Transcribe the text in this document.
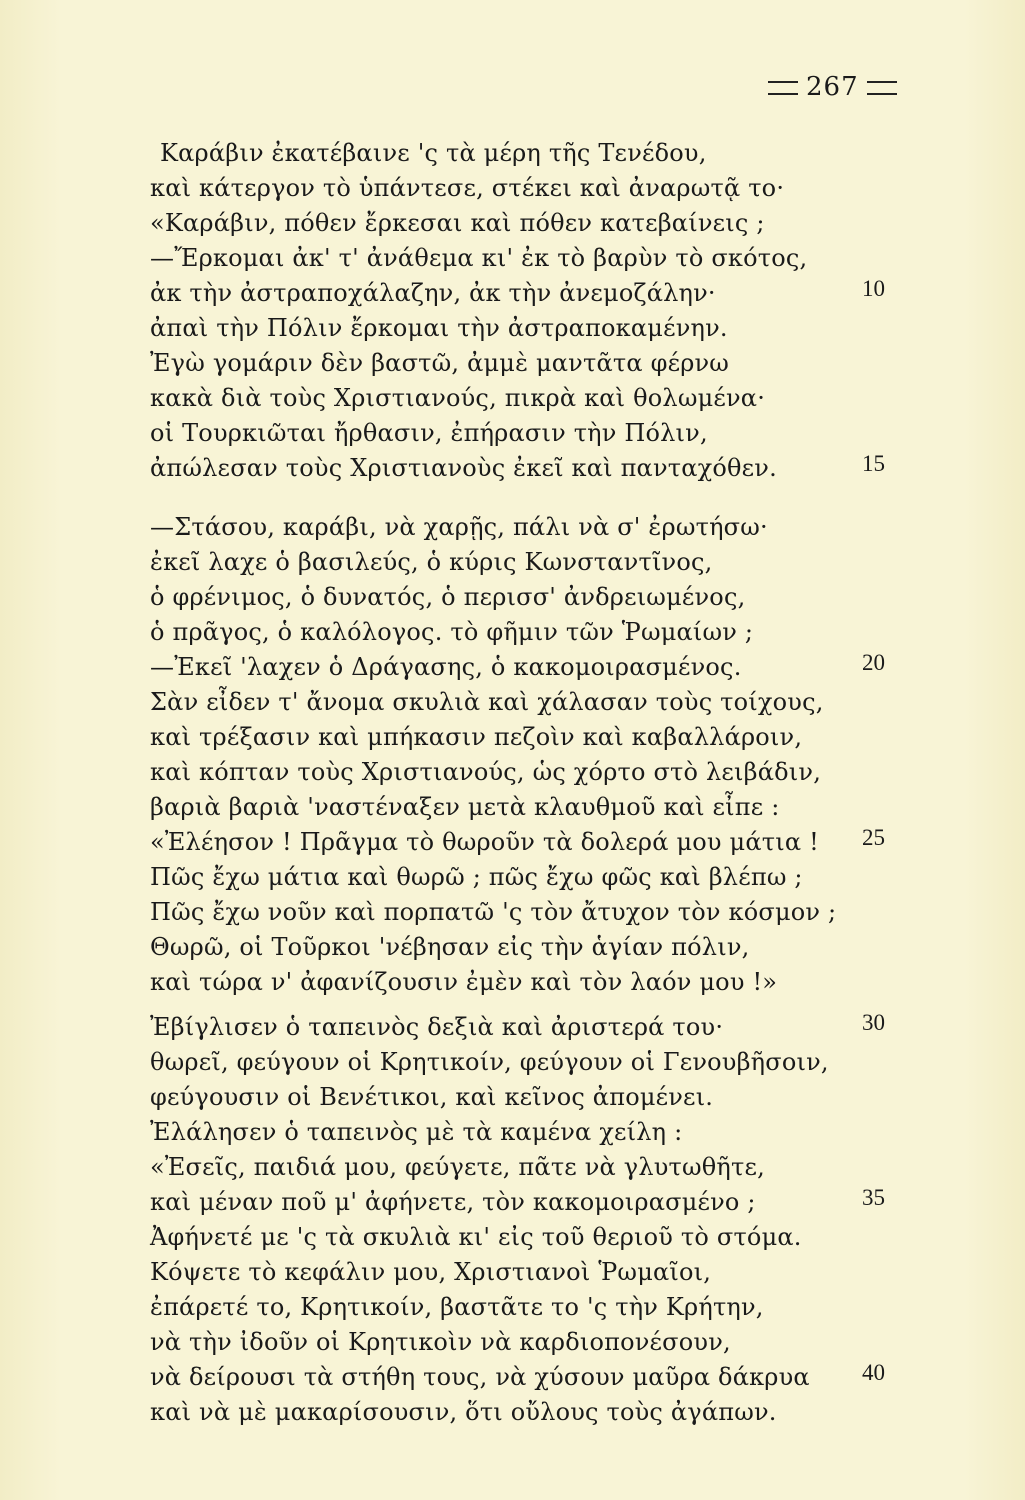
267
Καράβιν ἐκατέβαινε 'ς τὰ μέρη τῆς Τενέδου,
καὶ κάτεργον τὸ ὑπάντεσε, στέκει καὶ ἀναρωτᾷ το·
«Καράβιν, πόθεν ἔρκεσαι καὶ πόθεν κατεβαίνεις ;
—Ἔρκομαι ἀκ' τ' ἀνάθεμα κι' ἐκ τὸ βαρὺν τὸ σκότος,
ἀκ τὴν ἀστραποχάλαζην, ἀκ τὴν ἀνεμοζάλην·	10
ἀπαὶ τὴν Πόλιν ἔρκομαι τὴν ἀστραποκαμένην.
Ἐγὼ γομάριν δὲν βαστῶ, ἀμμὲ μαντᾶτα φέρνω
κακὰ διὰ τοὺς Χριστιανούς, πικρὰ καὶ θολωμένα·
οἱ Τουρκιῶται ἤρθασιν, ἐπήρασιν τὴν Πόλιν,
ἀπώλεσαν τοὺς Χριστιανοὺς ἐκεῖ καὶ πανταχόθεν.	15
—Στάσου, καράβι, νὰ χαρῇς, πάλι νὰ σ' ἐρωτήσω·
ἐκεῖ λαχε ὁ βασιλεύς, ὁ κύρις Κωνσταντῖνος,
ὁ φρένιμος, ὁ δυνατός, ὁ περισσ' ἀνδρειωμένος,
ὁ πρᾶγος, ὁ καλόλογος. τὸ φῆμιν τῶν Ῥωμαίων ;
—Ἐκεῖ 'λαχεν ὁ Δράγασης, ὁ κακομοιρασμένος.	20
Σὰν εἶδεν τ' ἄνομα σκυλιὰ καὶ χάλασαν τοὺς τοίχους,
καὶ τρέξασιν καὶ μπήκασιν πεζοὶν καὶ καβαλλάροιν,
καὶ κόπταν τοὺς Χριστιανούς, ὡς χόρτο στὸ λειβάδιν,
βαριὰ βαριὰ 'ναστέναξεν μετὰ κλαυθμοῦ καὶ εἶπε :
«Ἐλέησον ! Πρᾶγμα τὸ θωροῦν τὰ δολερά μου μάτια !	25
Πῶς ἔχω μάτια καὶ θωρῶ ; πῶς ἔχω φῶς καὶ βλέπω ;
Πῶς ἔχω νοῦν καὶ πορπατῶ 'ς τὸν ἄτυχον τὸν κόσμον ;
Θωρῶ, οἱ Τοῦρκοι 'νέβησαν εἰς τὴν ἁγίαν πόλιν,
καὶ τώρα ν' ἀφανίζουσιν ἐμὲν καὶ τὸν λαόν μου !»
Ἐβίγλισεν ὁ ταπεινὸς δεξιὰ καὶ ἀριστερά του·	30
θωρεῖ, φεύγουν οἱ Κρητικοίν, φεύγουν οἱ Γενουβῆσοιν,
φεύγουσιν οἱ Βενέτικοι, καὶ κεῖνος ἀπομένει.
Ἐλάλησεν ὁ ταπεινὸς μὲ τὰ καμένα χείλη :
«Ἐσεῖς, παιδιά μου, φεύγετε, πᾶτε νὰ γλυτωθῆτε,
καὶ μέναν ποῦ μ' ἀφήνετε, τὸν κακομοιρασμένο ;	35
Ἀφήνετέ με 'ς τὰ σκυλιὰ κι' εἰς τοῦ θεριοῦ τὸ στόμα.
Κόψετε τὸ κεφάλιν μου, Χριστιανοὶ Ῥωμαῖοι,
ἐπάρετέ το, Κρητικοίν, βαστᾶτε το 'ς τὴν Κρήτην,
νὰ τὴν ἰδοῦν οἱ Κρητικοὶν νὰ καρδιοπονέσουν,
νὰ δείρουσι τὰ στήθη τους, νὰ χύσουν μαῦρα δάκρυα	40
καὶ νὰ μὲ μακαρίσουσιν, ὅτι οὔλους τοὺς ἀγάπων.
